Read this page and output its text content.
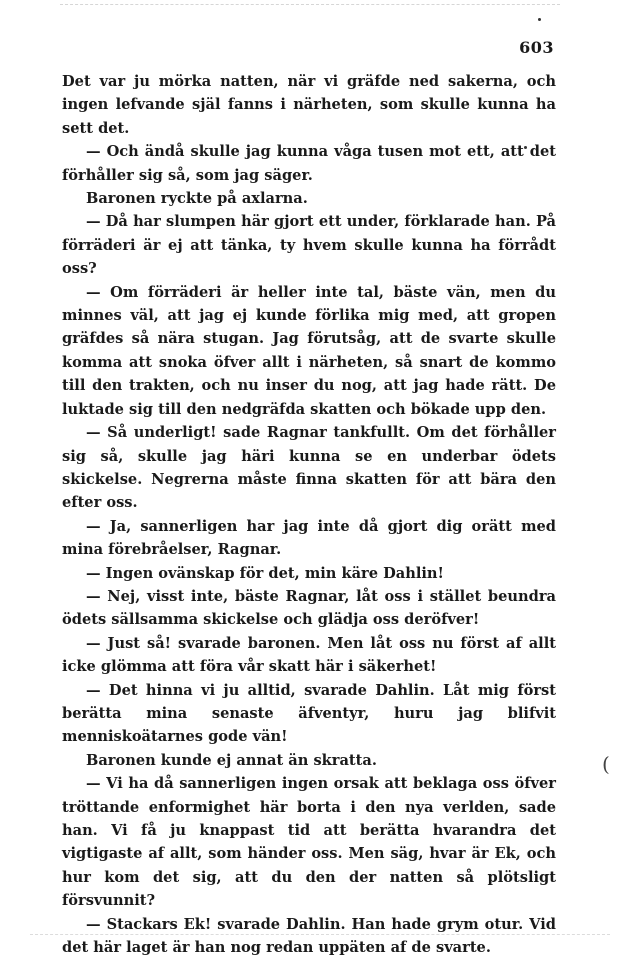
603

Det var ju mörka natten, när vi gräfde ned sakerna, och ingen lefvande själ fanns i närheten, som skulle kunna ha sett det.

— Och ändå skulle jag kunna våga tusen mot ett, att det förhåller sig så, som jag säger.

Baronen ryckte på axlarna.

— Då har slumpen här gjort ett under, förklarade han. På förräderi är ej att tänka, ty hvem skulle kunna ha förrådt oss?

— Om förräderi är heller inte tal, bäste vän, men du minnes väl, att jag ej kunde förlika mig med, att gropen gräfdes så nära stugan. Jag förutsåg, att de svarte skulle komma att snoka öfver allt i närheten, så snart de kommo till den trakten, och nu inser du nog, att jag hade rätt. De luktade sig till den nedgräfda skatten och bökade upp den.

— Så underligt! sade Ragnar tankfullt. Om det förhåller sig så, skulle jag häri kunna se en underbar ödets skickelse. Negrerna måste finna skatten för att bära den efter oss.

— Ja, sannerligen har jag inte då gjort dig orätt med mina förebråelser, Ragnar.

— Ingen ovänskap för det, min käre Dahlin!

— Nej, visst inte, bäste Ragnar, låt oss i stället beundra ödets sällsamma skickelse och glädja oss deröfver!

— Just så! svarade baronen. Men låt oss nu först af allt icke glömma att föra vår skatt här i säkerhet!

— Det hinna vi ju alltid, svarade Dahlin. Låt mig först berätta mina senaste äfventyr, huru jag blifvit menniskoätarnes gode vän!

Baronen kunde ej annat än skratta.

— Vi ha då sannerligen ingen orsak att beklaga oss öfver tröttande enformighet här borta i den nya verlden, sade han. Vi få ju knappast tid att berätta hvarandra det vigtigaste af allt, som händer oss. Men säg, hvar är Ek, och hur kom det sig, att du den der natten så plötsligt försvunnit?

— Stackars Ek! svarade Dahlin. Han hade grym otur. Vid det här laget är han nog redan uppäten af de svarte.

(
